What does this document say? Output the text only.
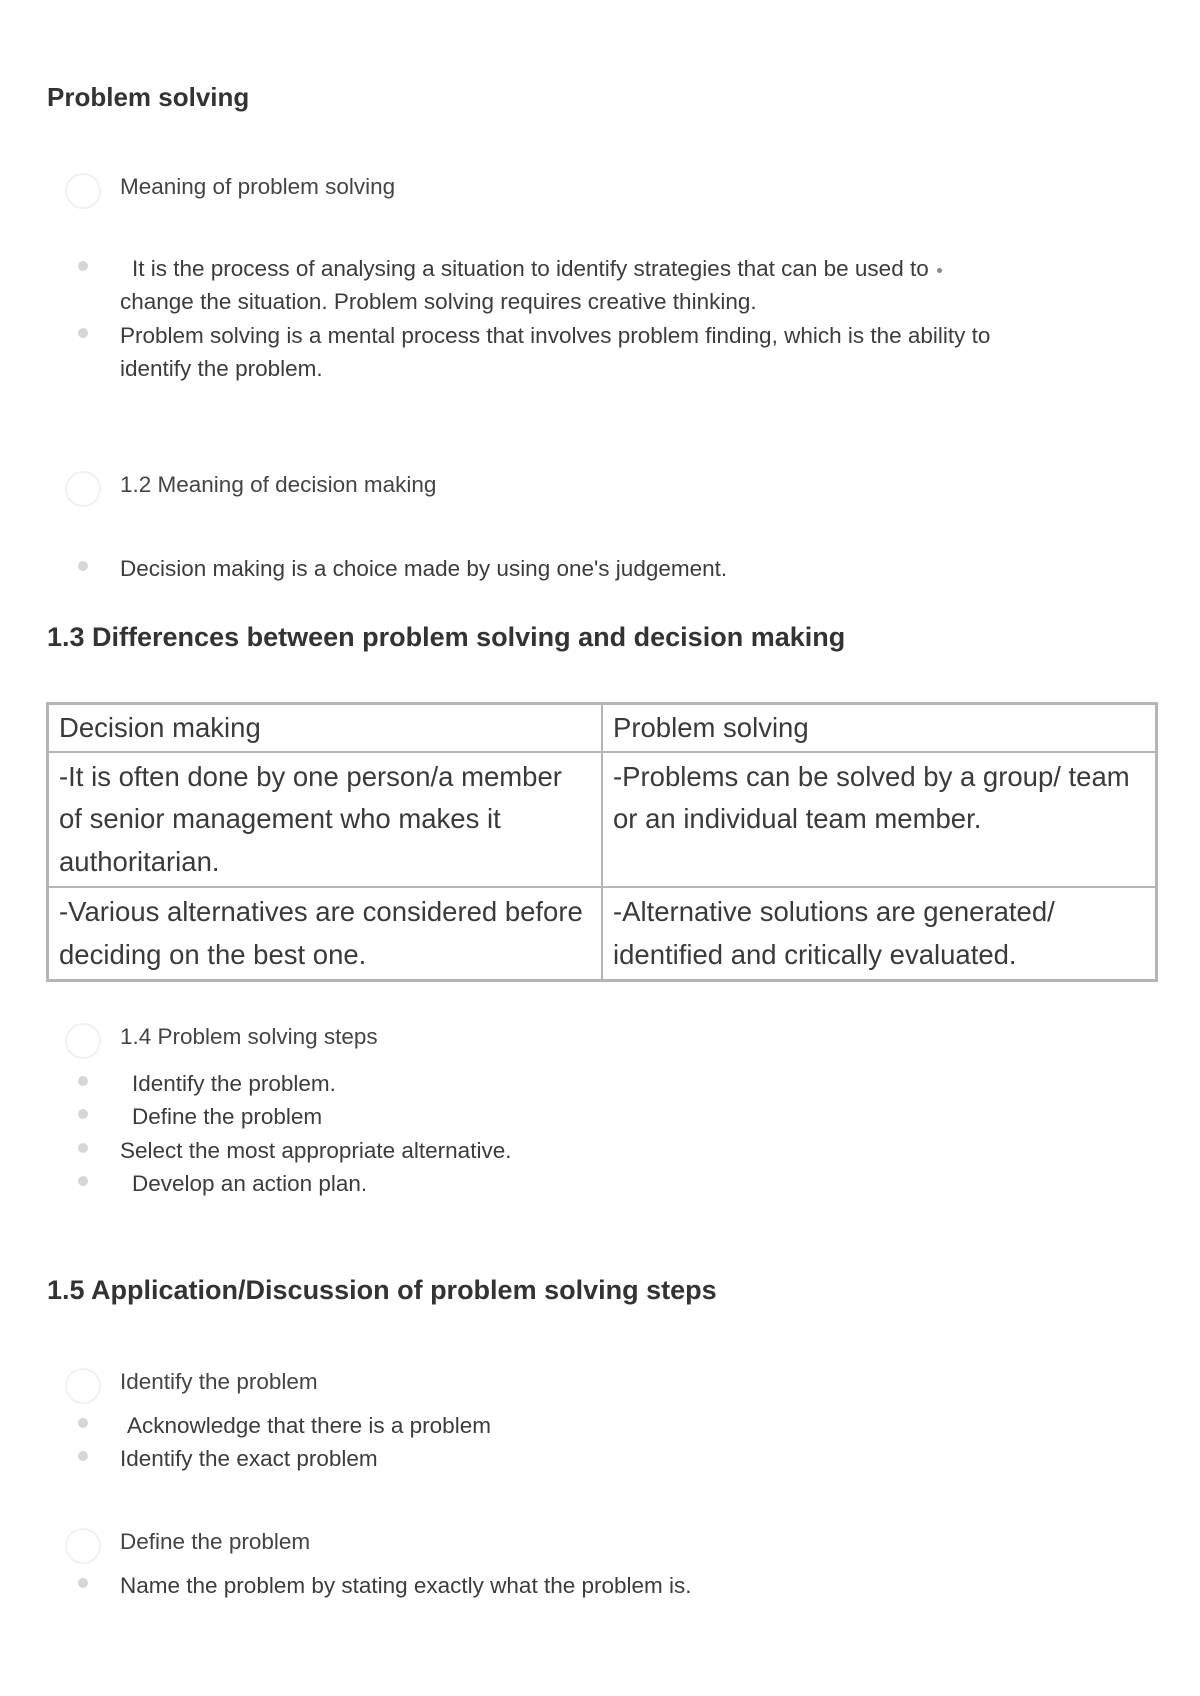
Problem solving
Meaning of problem solving
It is the process of analysing a situation to identify strategies that can be used to
change the situation. Problem solving requires creative thinking.
Problem solving is a mental process that involves problem finding, which is the ability to
identify the problem.
1.2 Meaning of decision making
Decision making is a choice made by using one's judgement.
1.3 Differences between problem solving and decision making
Decision making	Problem solving
-It is often done by one person/a member of senior management who makes it authoritarian.	-Problems can be solved by a group/ team or an individual team member.
-Various alternatives are considered before deciding on the best one.	-Alternative solutions are generated/ identified and critically evaluated.
1.4 Problem solving steps
Identify the problem.
Define the problem
Select the most appropriate alternative.
Develop an action plan.
1.5 Application/Discussion of problem solving steps
Identify the problem
Acknowledge that there is a problem
Identify the exact problem
Define the problem
Name the problem by stating exactly what the problem is.
